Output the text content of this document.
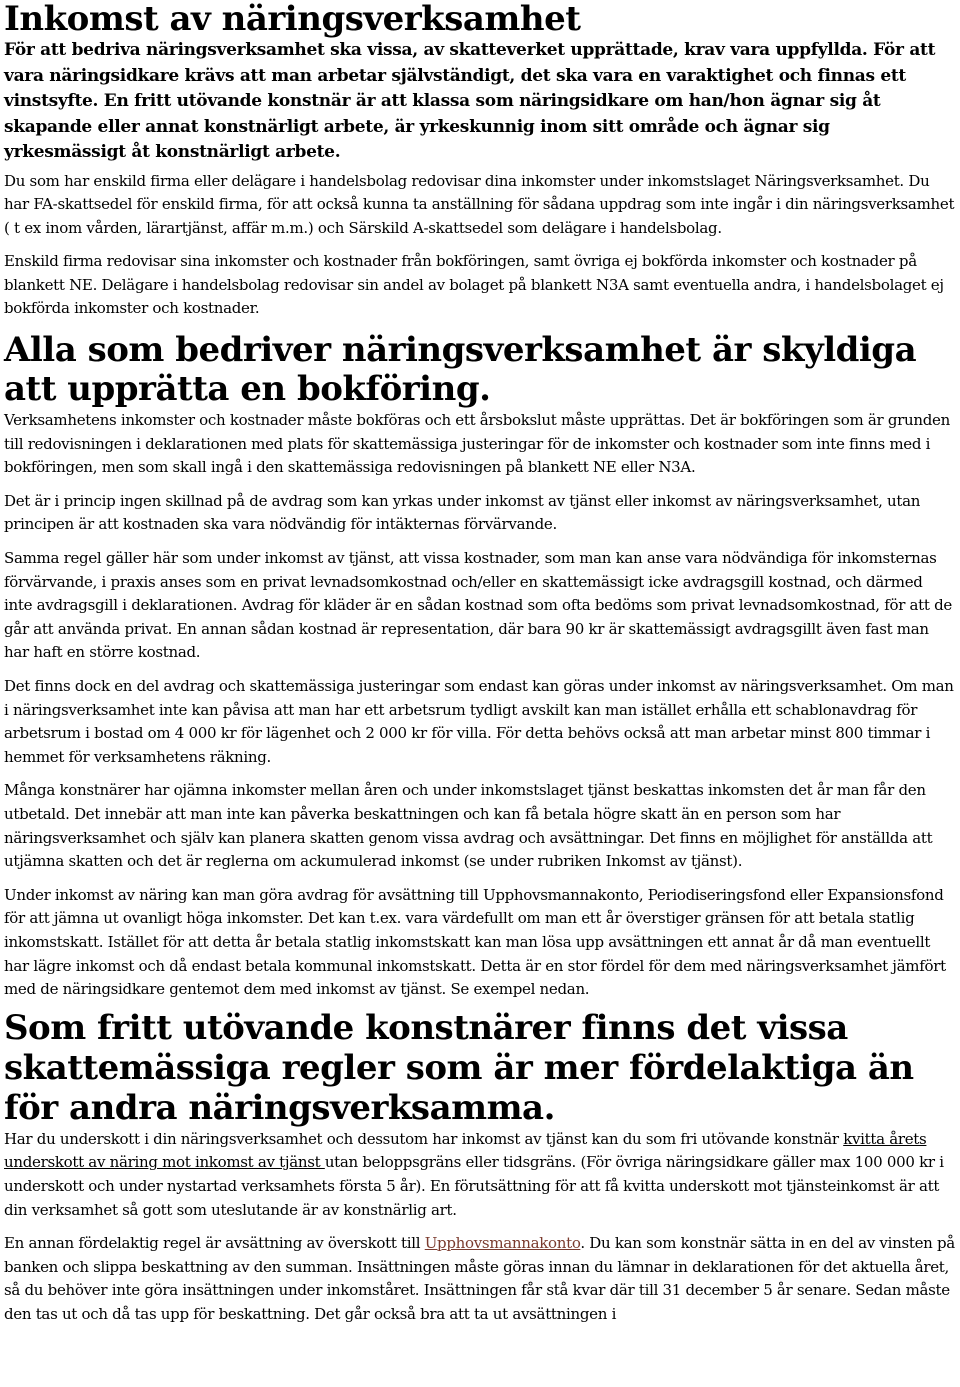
Inkomst av näringsverksamhet

För att bedriva näringsverksamhet ska vissa, av skatteverket upprättade, krav vara uppfyllda. För att vara näringsidkare krävs att man arbetar självständigt, det ska vara en varaktighet och finnas ett vinstsyfte. En fritt utövande konstnär är att klassa som näringsidkare om han/hon ägnar sig åt skapande eller annat konstnärligt arbete, är yrkeskunnig inom sitt område och ägnar sig yrkesmässigt åt konstnärligt arbete.

Du som har enskild firma eller delägare i handelsbolag redovisar dina inkomster under inkomstslaget Näringsverksamhet. Du har FA-skattsedel för enskild firma, för att också kunna ta anställning för sådana uppdrag som inte ingår i din näringsverksamhet ( t ex inom vården, lärartjänst, affär m.m.) och Särskild A-skattsedel som delägare i handelsbolag.

Enskild firma redovisar sina inkomster och kostnader från bokföringen, samt övriga ej bokförda inkomster och kostnader på blankett NE. Delägare i handelsbolag redovisar sin andel av bolaget på blankett N3A samt eventuella andra, i handelsbolaget ej bokförda inkomster och kostnader.

Alla som bedriver näringsverksamhet är skyldiga att upprätta en bokföring.

Verksamhetens inkomster och kostnader måste bokföras och ett årsbokslut måste upprättas. Det är bokföringen som är grunden till redovisningen i deklarationen med plats för skattemässiga justeringar för de inkomster och kostnader som inte finns med i bokföringen, men som skall ingå i den skattemässiga redovisningen på blankett NE eller N3A.

Det är i princip ingen skillnad på de avdrag som kan yrkas under inkomst av tjänst eller inkomst av näringsverksamhet, utan principen är att kostnaden ska vara nödvändig för intäkternas förvärvande.

Samma regel gäller här som under inkomst av tjänst, att vissa kostnader, som man kan anse vara nödvändiga för inkomsternas förvärvande, i praxis anses som en privat levnadsomkostnad och/eller en skattemässigt icke avdragsgill kostnad, och därmed inte avdragsgill i deklarationen. Avdrag för kläder är en sådan kostnad som ofta bedöms som privat levnadsomkostnad, för att de går att använda privat. En annan sådan kostnad är representation, där bara 90 kr är skattemässigt avdragsgillt även fast man har haft en större kostnad.

Det finns dock en del avdrag och skattemässiga justeringar som endast kan göras under inkomst av näringsverksamhet. Om man i näringsverksamhet inte kan påvisa att man har ett arbetsrum tydligt avskilt kan man istället erhålla ett schablonavdrag för arbetsrum i bostad om 4 000 kr för lägenhet och 2 000 kr för villa. För detta behövs också att man arbetar minst 800 timmar i hemmet för verksamhetens räkning.

Många konstnärer har ojämna inkomster mellan åren och under inkomstslaget tjänst beskattas inkomsten det år man får den utbetald. Det innebär att man inte kan påverka beskattningen och kan få betala högre skatt än en person som har näringsverksamhet och själv kan planera skatten genom vissa avdrag och avsättningar. Det finns en möjlighet för anställda att utjämna skatten och det är reglerna om ackumulerad inkomst (se under rubriken Inkomst av tjänst).

Under inkomst av näring kan man göra avdrag för avsättning till Upphovsmannakonto, Periodiseringsfond eller Expansionsfond för att jämna ut ovanligt höga inkomster. Det kan t.ex. vara värdefullt om man ett år överstiger gränsen för att betala statlig inkomstskatt. Istället för att detta år betala statlig inkomstskatt kan man lösa upp avsättningen ett annat år då man eventuellt har lägre inkomst och då endast betala kommunal inkomstskatt. Detta är en stor fördel för dem med näringsverksamhet jämfört med de näringsidkare gentemot dem med inkomst av tjänst. Se exempel nedan.

Som fritt utövande konstnärer finns det vissa skattemässiga regler som är mer fördelaktiga än för andra näringsverksamma.

Har du underskott i din näringsverksamhet och dessutom har inkomst av tjänst kan du som fri utövande konstnär kvitta årets underskott av näring mot inkomst av tjänst utan beloppsgräns eller tidsgräns. (För övriga näringsidkare gäller max 100 000 kr i underskott och under nystartad verksamhets första 5 år). En förutsättning för att få kvitta underskott mot tjänsteinkomst är att din verksamhet så gott som uteslutande är av konstnärlig art.

En annan fördelaktig regel är avsättning av överskott till Upphovsmannakonto. Du kan som konstnär sätta in en del av vinsten på banken och slippa beskattning av den summan. Insättningen måste göras innan du lämnar in deklarationen för det aktuella året, så du behöver inte göra insättningen under inkomståret. Insättningen får stå kvar där till 31 december 5 år senare. Sedan måste den tas ut och då tas upp för beskattning. Det går också bra att ta ut avsättningen i
